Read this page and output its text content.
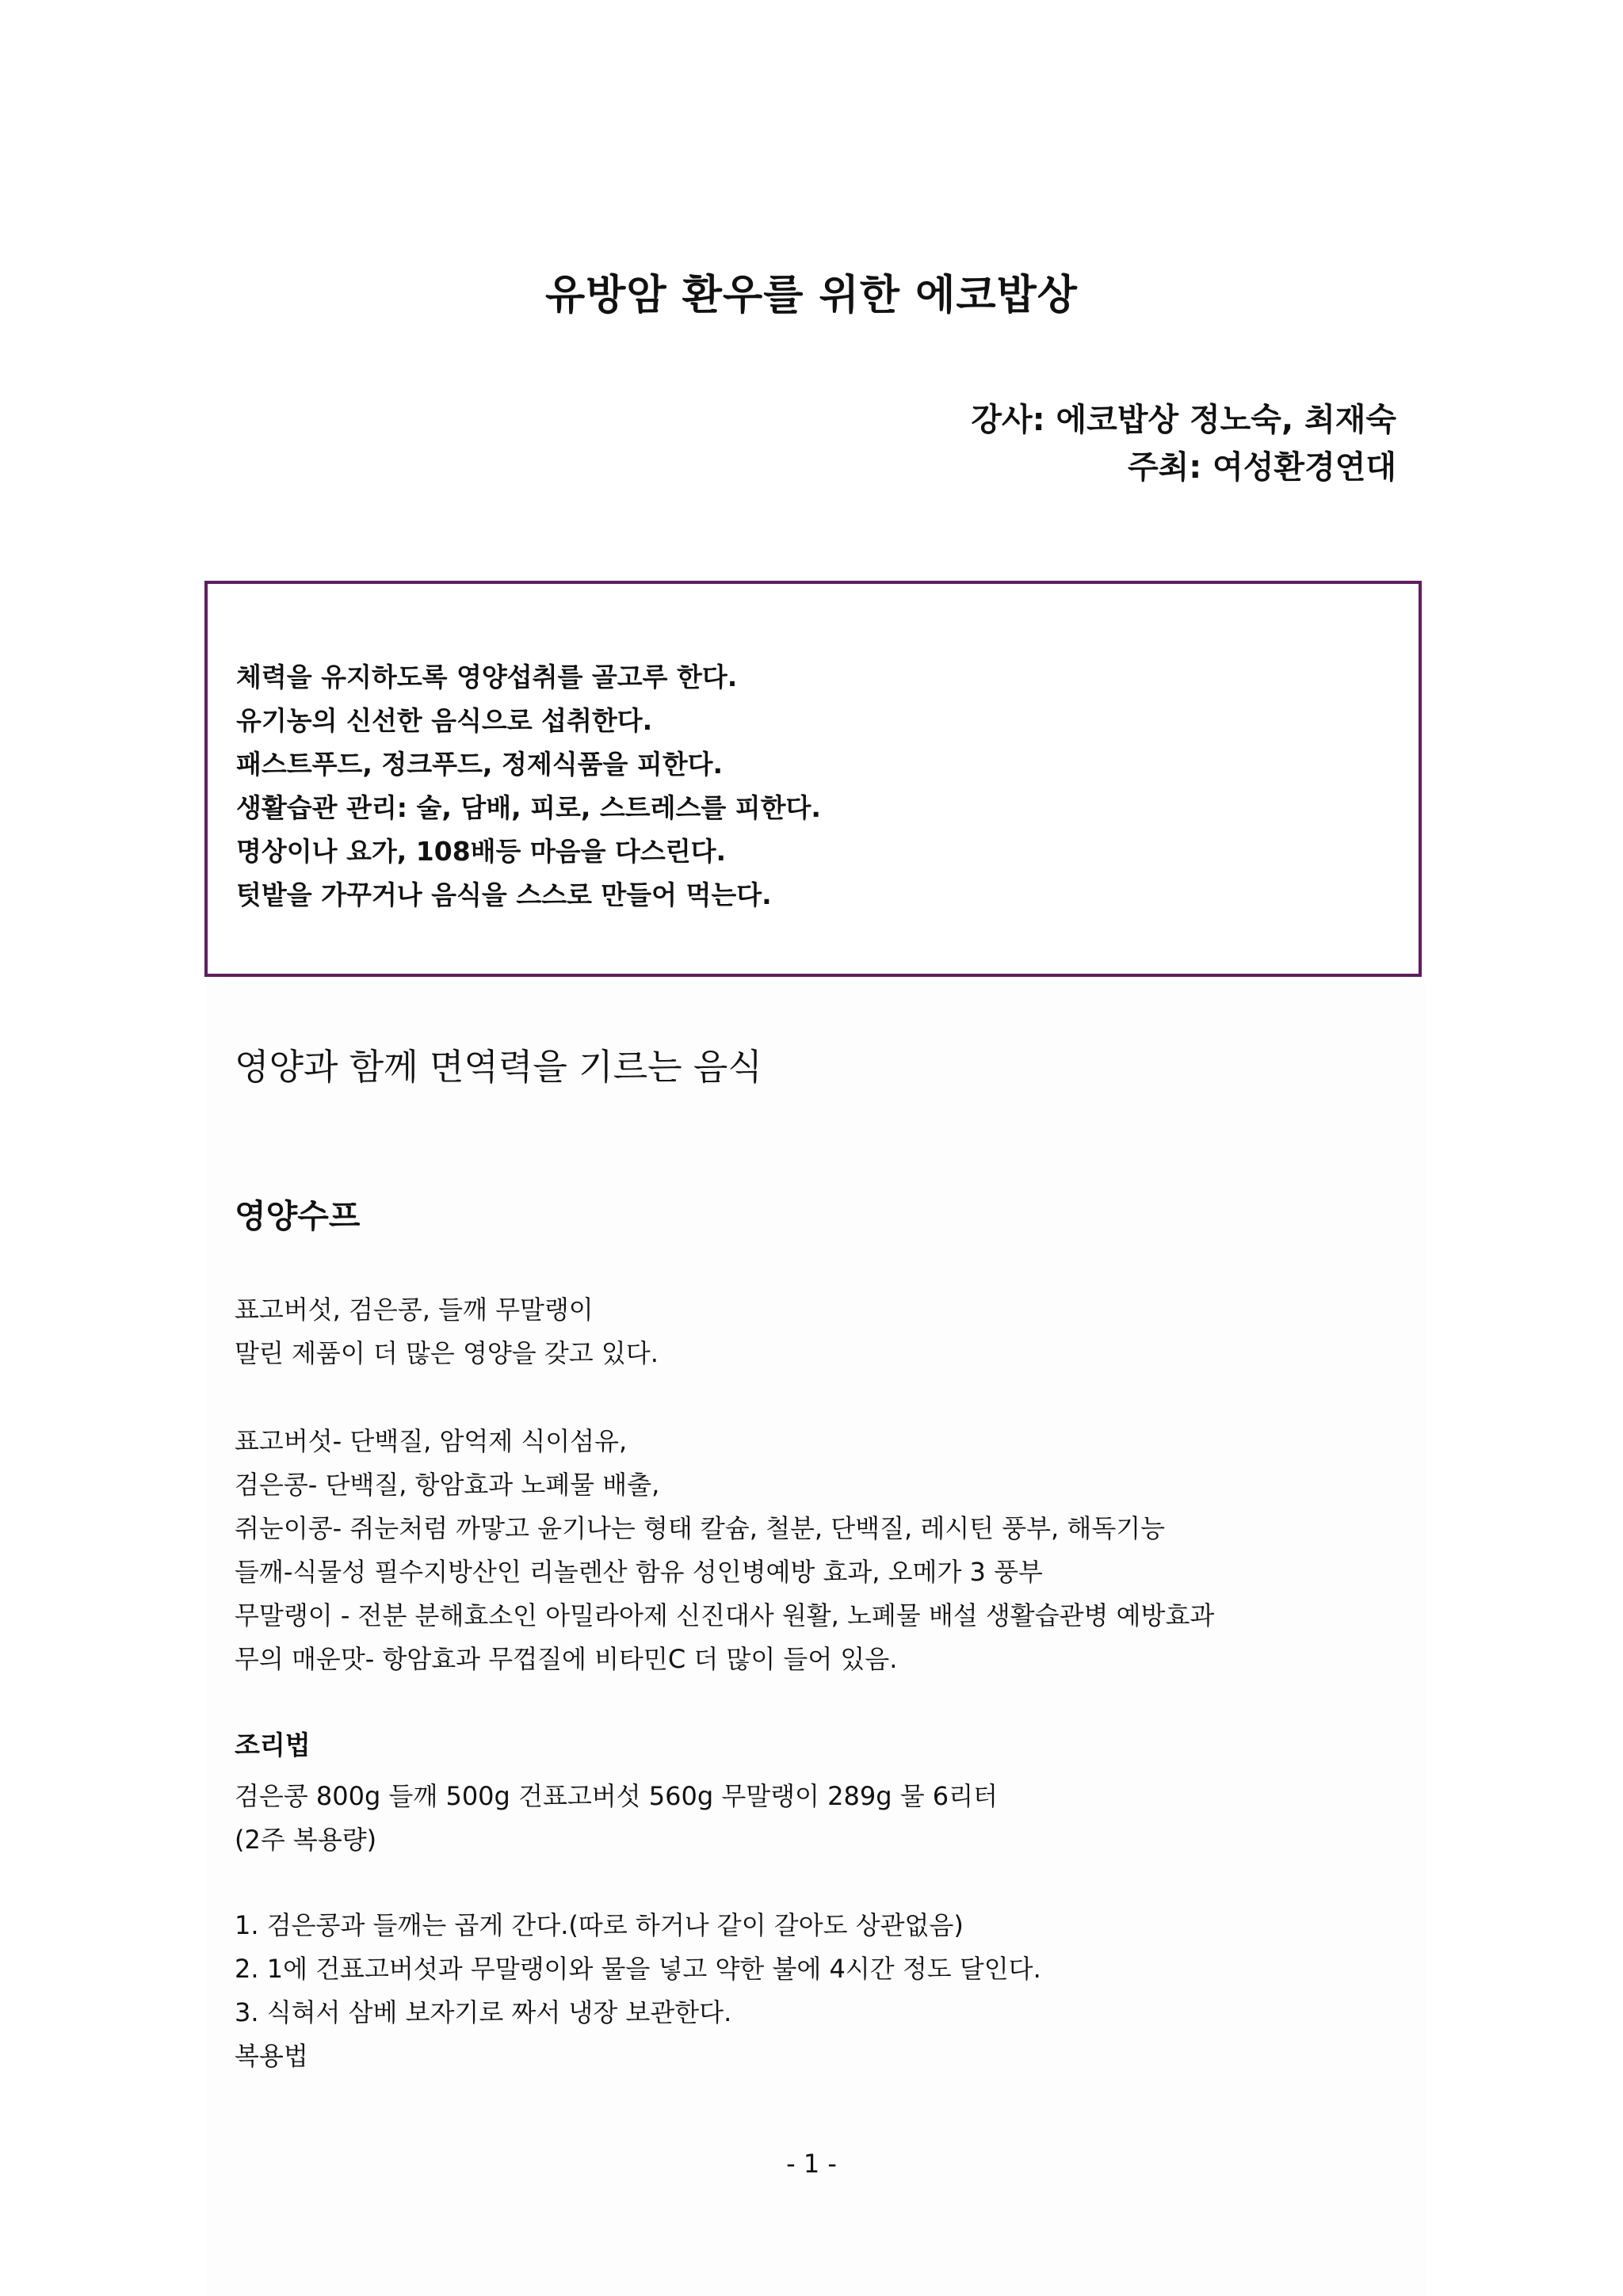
유방암 환우를 위한 에코밥상
강사: 에코밥상 정노숙, 최재숙
주최: 여성환경연대
체력을 유지하도록 영양섭취를 골고루 한다.
유기농의 신선한 음식으로 섭취한다.
패스트푸드, 정크푸드, 정제식품을 피한다.
생활습관 관리: 술, 담배, 피로, 스트레스를 피한다.
명상이나 요가, 108배등 마음을 다스린다.
텃밭을 가꾸거나 음식을 스스로 만들어 먹는다.
영양과 함께 면역력을 기르는 음식
영양수프
표고버섯, 검은콩, 들깨 무말랭이
말린 제품이 더 많은 영양을 갖고 있다.
표고버섯- 단백질, 암억제 식이섬유,
검은콩- 단백질, 항암효과 노폐물 배출,
쥐눈이콩- 쥐눈처럼 까맣고 윤기나는 형태 칼슘, 철분, 단백질, 레시틴 풍부, 해독기능
들깨-식물성 필수지방산인 리놀렌산 함유 성인병예방 효과, 오메가 3 풍부
무말랭이 - 전분 분해효소인 아밀라아제 신진대사 원활, 노폐물 배설 생활습관병 예방효과
무의 매운맛- 항암효과 무껍질에 비타민C 더 많이 들어 있음.
조리법
검은콩 800g 들깨 500g 건표고버섯 560g 무말랭이 289g 물 6리터
(2주 복용량)
1. 검은콩과 들깨는 곱게 간다.(따로 하거나 같이 갈아도 상관없음)
2. 1에 건표고버섯과 무말랭이와 물을 넣고 약한 불에 4시간 정도 달인다.
3. 식혀서 삼베 보자기로 짜서 냉장 보관한다.
복용법
- 1 -
